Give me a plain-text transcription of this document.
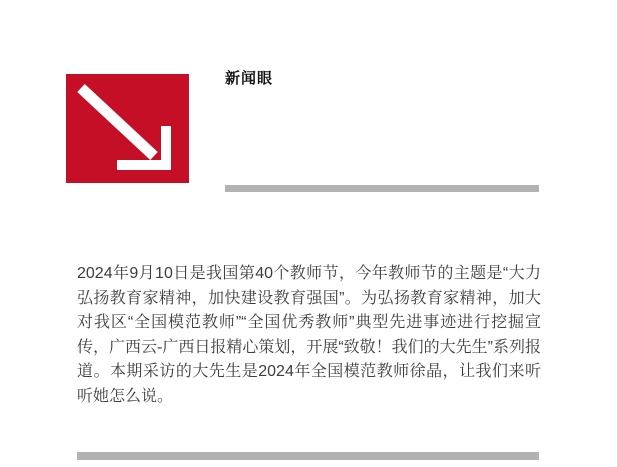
新闻眼

2024年9月10日是我国第40个教师节，今年教师节的主题是“大力弘扬教育家精神，加快建设教育强国”。为弘扬教育家精神，加大对我区“全国模范教师”“全国优秀教师”典型先进事迹进行挖掘宣传，广西云-广西日报精心策划，开展“致敬！我们的大先生”系列报道。本期采访的大先生是2024年全国模范教师徐晶，让我们来听听她怎么说。
